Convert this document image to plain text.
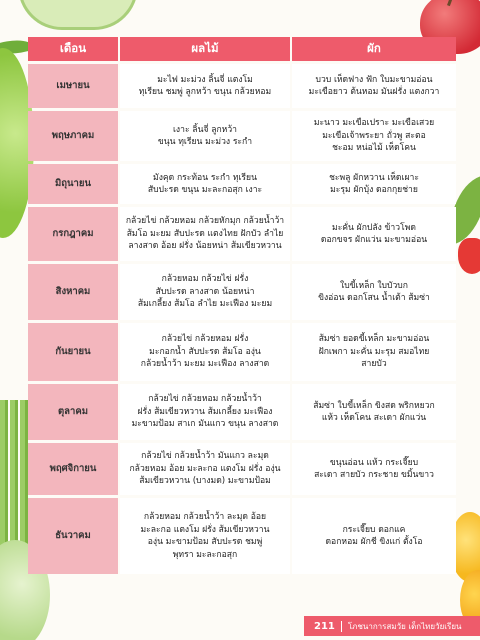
เดือน	ผลไม้	ผัก
เมษายน	มะไฟ มะม่วง ลิ้นจี่ แตงโม
ทุเรียน ชมพู่ ลูกหว้า ขนุน กล้วยหอม	บวบ เห็ดฟาง ฟัก ใบมะขามอ่อน
มะเขือยาว ต้นหอม มันฝรั่ง แตงกวา

พฤษภาคม	เงาะ ลิ้นจี่ ลูกหว้า
ขนุน ทุเรียน มะม่วง ระกำ	มะนาว มะเขือเปราะ มะเขือเสวย
มะเขือเจ้าพระยา ถั่วพู สะตอ
ชะอม หน่อไม้ เห็ดโคน

มิถุนายน	มังคุด กระท้อน ระกำ ทุเรียน
สับปะรด ขนุน มะละกอสุก เงาะ	ชะพลู ผักหวาน เห็ดเผาะ
มะรุม ผักบุ้ง ดอกกุยช่าย

กรกฎาคม	กล้วยไข่ กล้วยหอม กล้วยหักมุก กล้วยน้ำว้า
ส้มโอ มะยม สับปะรด แตงไทย ฝักบัว ลำไย
ลางสาด อ้อย ฝรั่ง น้อยหน่า ส้มเขียวหวาน	มะคั่น ผักปลัง ข้าวโพด
ดอกขจร ผักแว่น มะขามอ่อน

สิงหาคม	กล้วยหอม กล้วยไข่ ฝรั่ง
สับปะรด ลางสาด น้อยหน่า
ส้มเกลี้ยง ส้มโอ ลำไย มะเฟือง มะยม	ใบขี้เหล็ก ใบบัวบก
ขิงอ่อน ดอกโสน น้ำเต้า ส้มซ่า

กันยายน	กล้วยไข่ กล้วยหอม ฝรั่ง
มะกอกน้ำ สับปะรด ส้มโอ องุ่น
กล้วยน้ำว้า มะยม มะเฟือง ลางสาด	ส้มซ่า ยอดขี้เหล็ก มะขามอ่อน
ฝักเพกา มะคั่น มะรุม สมอไทย
สายบัว

ตุลาคม	กล้วยไข่ กล้วยหอม กล้วยน้ำว้า
ฝรั่ง ส้มเขียวหวาน ส้มเกลี้ยง มะเฟือง
มะขามป้อม สาเก มันแกว ขนุน ลางสาด	ส้มซ่า ใบขี้เหล็ก ขิงสด พริกหยวก
แห้ว เห็ดโคน สะเดา ผักแว่น

พฤศจิกายน	กล้วยไข่ กล้วยน้ำว้า มันแกว ละมุด
กล้วยหอม อ้อย มะละกอ แตงโม ฝรั่ง องุ่น
ส้มเขียวหวาน (บางมด) มะขามป้อม	ขนุนอ่อน แห้ว กระเจี๊ยบ
สะเดา สายบัว กระชาย ขมิ้นขาว

ธันวาคม	กล้วยหอม กล้วยน้ำว้า ละมุด อ้อย
มะละกอ แตงโม ฝรั่ง ส้มเขียวหวาน
องุ่น มะขามป้อม สับปะรด ชมพู่
พุทรา มะละกอสุก	กระเจี๊ยบ ดอกแค
ดอกหอม ผักชี ขิงแก่ ตั้งโอ
211	โภชนาการสมวัย เด็กไทยวัยเรียน
